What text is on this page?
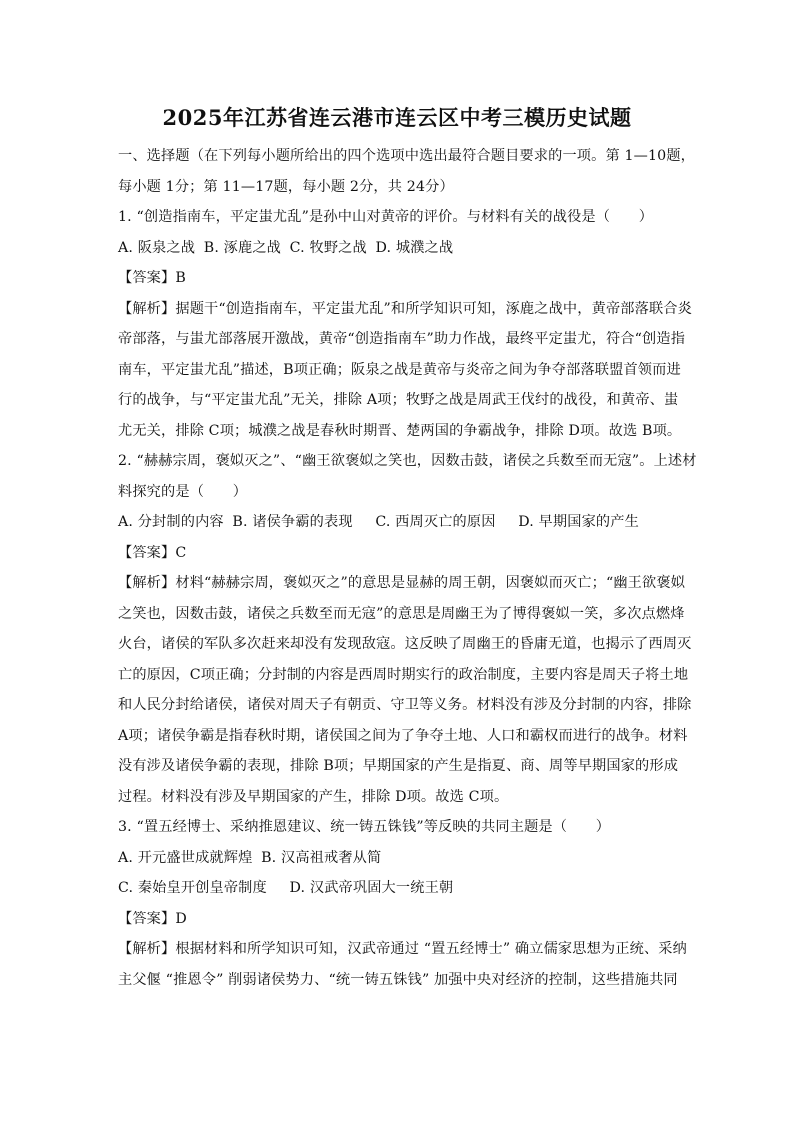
2025年江苏省连云港市连云区中考三模历史试题
一、选择题（在下列每小题所给出的四个选项中选出最符合题目要求的一项。第 1—10题，
每小题 1分；第 11—17题，每小题 2分，共 24分）
1. “创造指南车，平定蚩尤乱”是孙中山对黄帝的评价。与材料有关的战役是（　　）
A. 阪泉之战 B. 涿鹿之战 C. 牧野之战 D. 城濮之战
【答案】B
【解析】据题干“创造指南车，平定蚩尤乱”和所学知识可知，涿鹿之战中，黄帝部落联合炎
帝部落，与蚩尤部落展开激战，黄帝“创造指南车”助力作战，最终平定蚩尤，符合“创造指
南车，平定蚩尤乱”描述，B项正确；阪泉之战是黄帝与炎帝之间为争夺部落联盟首领而进
行的战争，与“平定蚩尤乱”无关，排除 A项；牧野之战是周武王伐纣的战役，和黄帝、蚩
尤无关，排除 C项；城濮之战是春秋时期晋、楚两国的争霸战争，排除 D项。故选 B项。
2. “赫赫宗周，褒姒灭之”、“幽王欲褒姒之笑也，因数击鼓，诸侯之兵数至而无寇”。上述材
料探究的是（　　）
A. 分封制的内容 B. 诸侯争霸的表现 C. 西周灭亡的原因 D. 早期国家的产生
【答案】C
【解析】材料“赫赫宗周，褒姒灭之”的意思是显赫的周王朝，因褒姒而灭亡；“幽王欲褒姒
之笑也，因数击鼓，诸侯之兵数至而无寇”的意思是周幽王为了博得褒姒一笑，多次点燃烽
火台，诸侯的军队多次赶来却没有发现敌寇。这反映了周幽王的昏庸无道，也揭示了西周灭
亡的原因，C项正确；分封制的内容是西周时期实行的政治制度，主要内容是周天子将土地
和人民分封给诸侯，诸侯对周天子有朝贡、守卫等义务。材料没有涉及分封制的内容，排除
A项；诸侯争霸是指春秋时期，诸侯国之间为了争夺土地、人口和霸权而进行的战争。材料
没有涉及诸侯争霸的表现，排除 B项；早期国家的产生是指夏、商、周等早期国家的形成
过程。材料没有涉及早期国家的产生，排除 D项。故选 C项。
3. “置五经博士、采纳推恩建议、统一铸五铢钱”等反映的共同主题是（　　）
A. 开元盛世成就辉煌 B. 汉高祖戒奢从简
C. 秦始皇开创皇帝制度 D. 汉武帝巩固大一统王朝
【答案】D
【解析】根据材料和所学知识可知，汉武帝通过 “置五经博士” 确立儒家思想为正统、采纳
主父偃 “推恩令” 削弱诸侯势力、“统一铸五铢钱” 加强中央对经济的控制，这些措施共同
